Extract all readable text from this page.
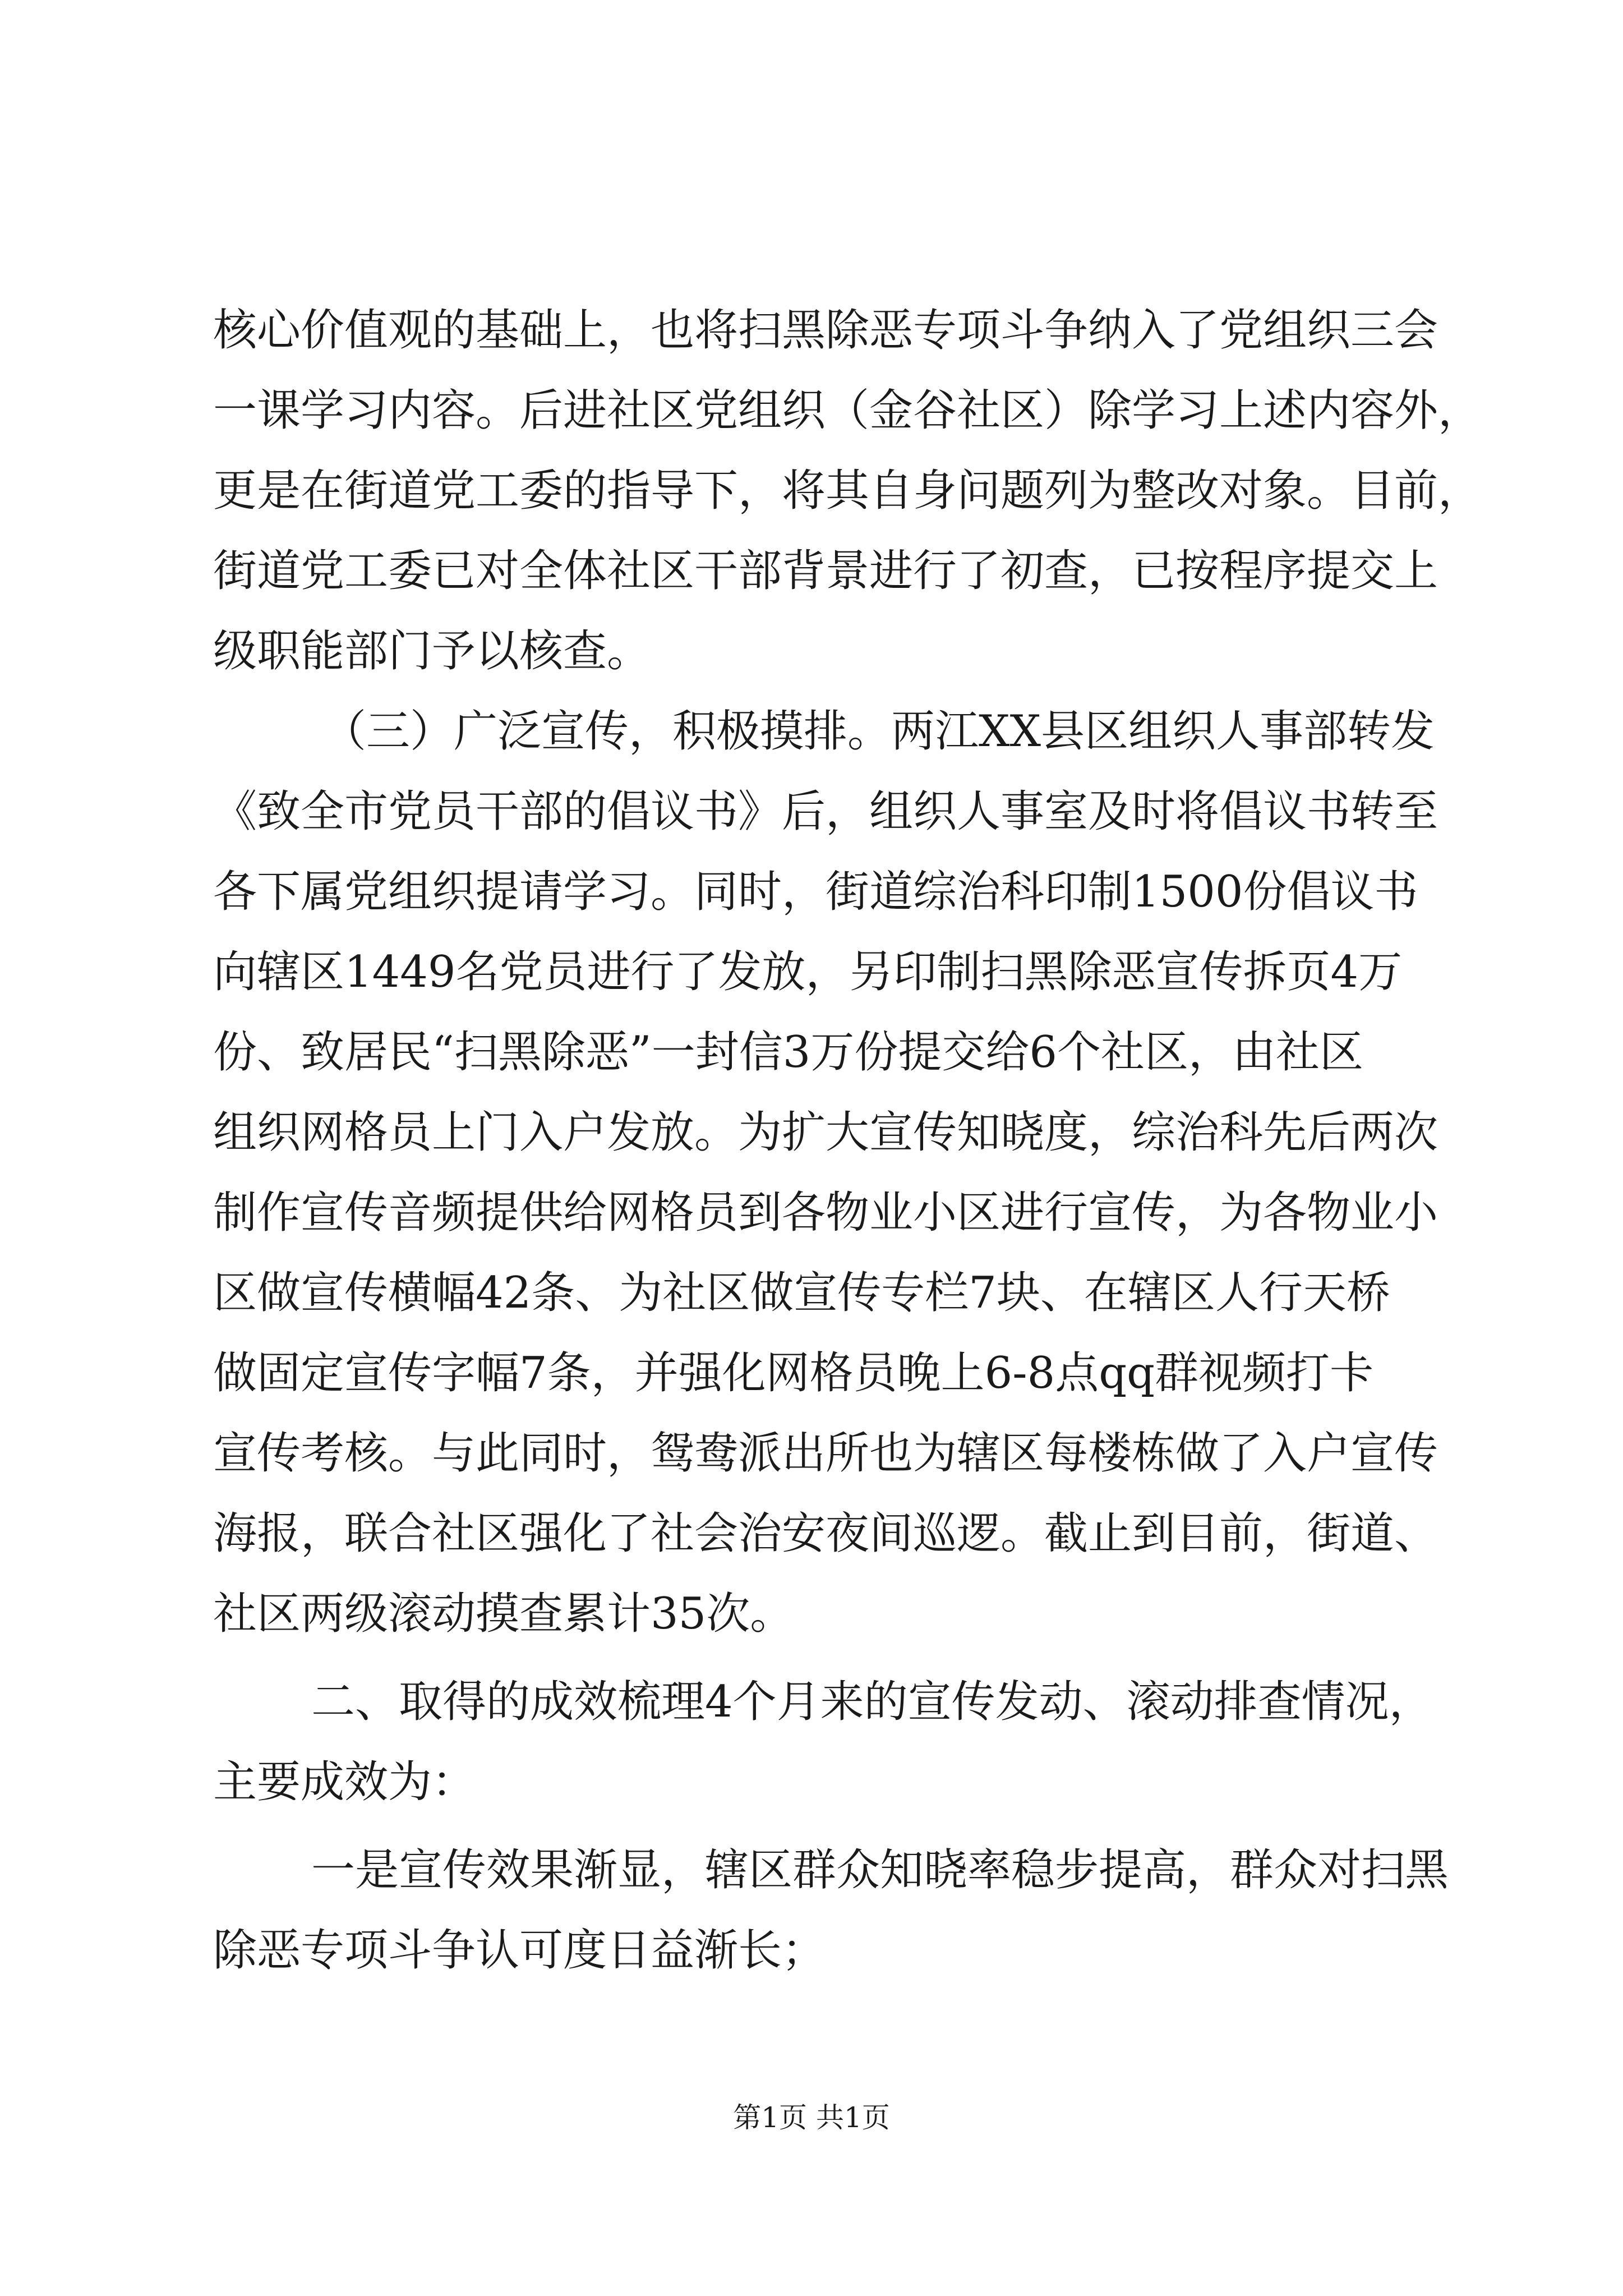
核心价值观的基础上，也将扫黑除恶专项斗争纳入了党组织三会
一课学习内容。后进社区党组织（金谷社区）除学习上述内容外，
更是在街道党工委的指导下，将其自身问题列为整改对象。目前，
街道党工委已对全体社区干部背景进行了初查，已按程序提交上
级职能部门予以核查。
（三）广泛宣传，积极摸排。两江XX县区组织人事部转发
《致全市党员干部的倡议书》后，组织人事室及时将倡议书转至
各下属党组织提请学习。同时，街道综治科印制1500份倡议书
向辖区1449名党员进行了发放，另印制扫黑除恶宣传拆页4万
份、致居民“扫黑除恶”一封信3万份提交给6个社区，由社区
组织网格员上门入户发放。为扩大宣传知晓度，综治科先后两次
制作宣传音频提供给网格员到各物业小区进行宣传，为各物业小
区做宣传横幅42条、为社区做宣传专栏7块、在辖区人行天桥
做固定宣传字幅7条，并强化网格员晚上6-8点qq群视频打卡
宣传考核。与此同时，鸳鸯派出所也为辖区每楼栋做了入户宣传
海报，联合社区强化了社会治安夜间巡逻。截止到目前，街道、
社区两级滚动摸查累计35次。
二、取得的成效梳理4个月来的宣传发动、滚动排查情况，
主要成效为：
一是宣传效果渐显，辖区群众知晓率稳步提高，群众对扫黑
除恶专项斗争认可度日益渐长；
第1页 共1页
